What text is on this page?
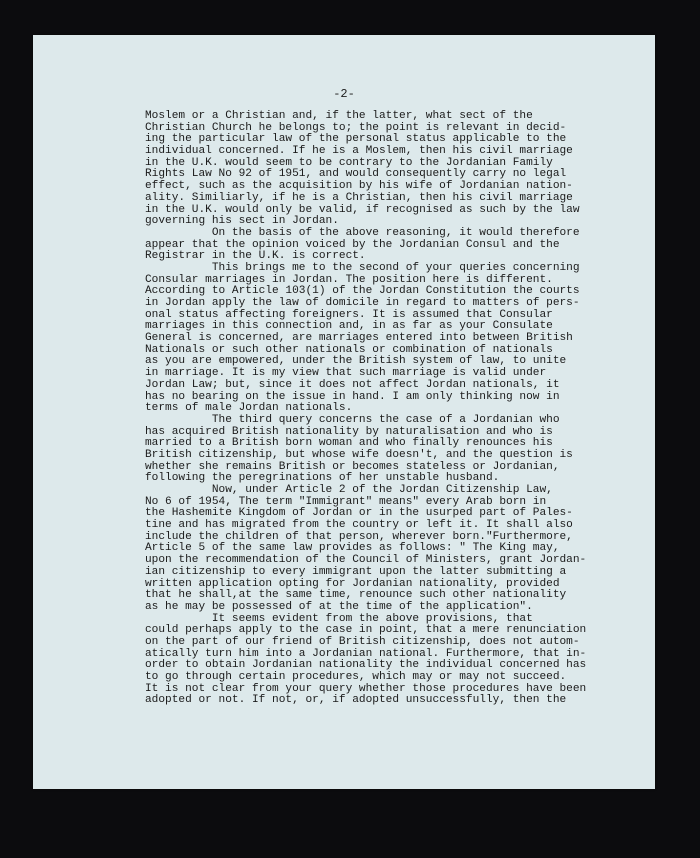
-2-
Moslem or a Christian and, if the latter, what sect of the
Christian Church he belongs to; the point is relevant in decid-
ing the particular law of the personal status applicable to the
individual concerned. If he is a Moslem, then his civil marriage
in the U.K. would seem to be contrary to the Jordanian Family
Rights Law No 92 of 1951, and would consequently carry no legal
effect, such as the acquisition by his wife of Jordanian nation-
ality. Similiarly, if he is a Christian, then his civil marriage
in the U.K. would only be valid, if recognised as such by the law
governing his sect in Jordan.
On the basis of the above reasoning, it would therefore
appear that the opinion voiced by the Jordanian Consul and the
Registrar in the U.K. is correct.
This brings me to the second of your queries concerning
Consular marriages in Jordan. The position here is different.
According to Article 103(1) of the Jordan Constitution the courts
in Jordan apply the law of domicile in regard to matters of pers-
onal status affecting foreigners. It is assumed that Consular
marriages in this connection and, in as far as your Consulate
General is concerned, are marriages entered into between British
Nationals or such other nationals or combination of nationals
as you are empowered, under the British system of law, to unite
in marriage. It is my view that such marriage is valid under
Jordan Law; but, since it does not affect Jordan nationals, it
has no bearing on the issue in hand. I am only thinking now in
terms of male Jordan nationals.
The third query concerns the case of a Jordanian who
has acquired British nationality by naturalisation and who is
married to a British born woman and who finally renounces his
British citizenship, but whose wife doesn't, and the question is
whether she remains British or becomes stateless or Jordanian,
following the peregrinations of her unstable husband.
Now, under Article 2 of the Jordan Citizenship Law,
No 6 of 1954, The term "Immigrant" means" every Arab born in
the Hashemite Kingdom of Jordan or in the usurped part of Pales-
tine and has migrated from the country or left it. It shall also
include the children of that person, wherever born."Furthermore,
Article 5 of the same law provides as follows: " The King may,
upon the recommendation of the Council of Ministers, grant Jordan-
ian citizenship to every immigrant upon the latter submitting a
written application opting for Jordanian nationality, provided
that he shall,at the same time, renounce such other nationality
as he may be possessed of at the time of the application".
It seems evident from the above provisions, that
could perhaps apply to the case in point, that a mere renunciation
on the part of our friend of British citizenship, does not autom-
atically turn him into a Jordanian national. Furthermore, that in-
order to obtain Jordanian nationality the individual concerned has
to go through certain procedures, which may or may not succeed.
It is not clear from your query whether those procedures have been
adopted or not. If not, or, if adopted unsuccessfully, then the
